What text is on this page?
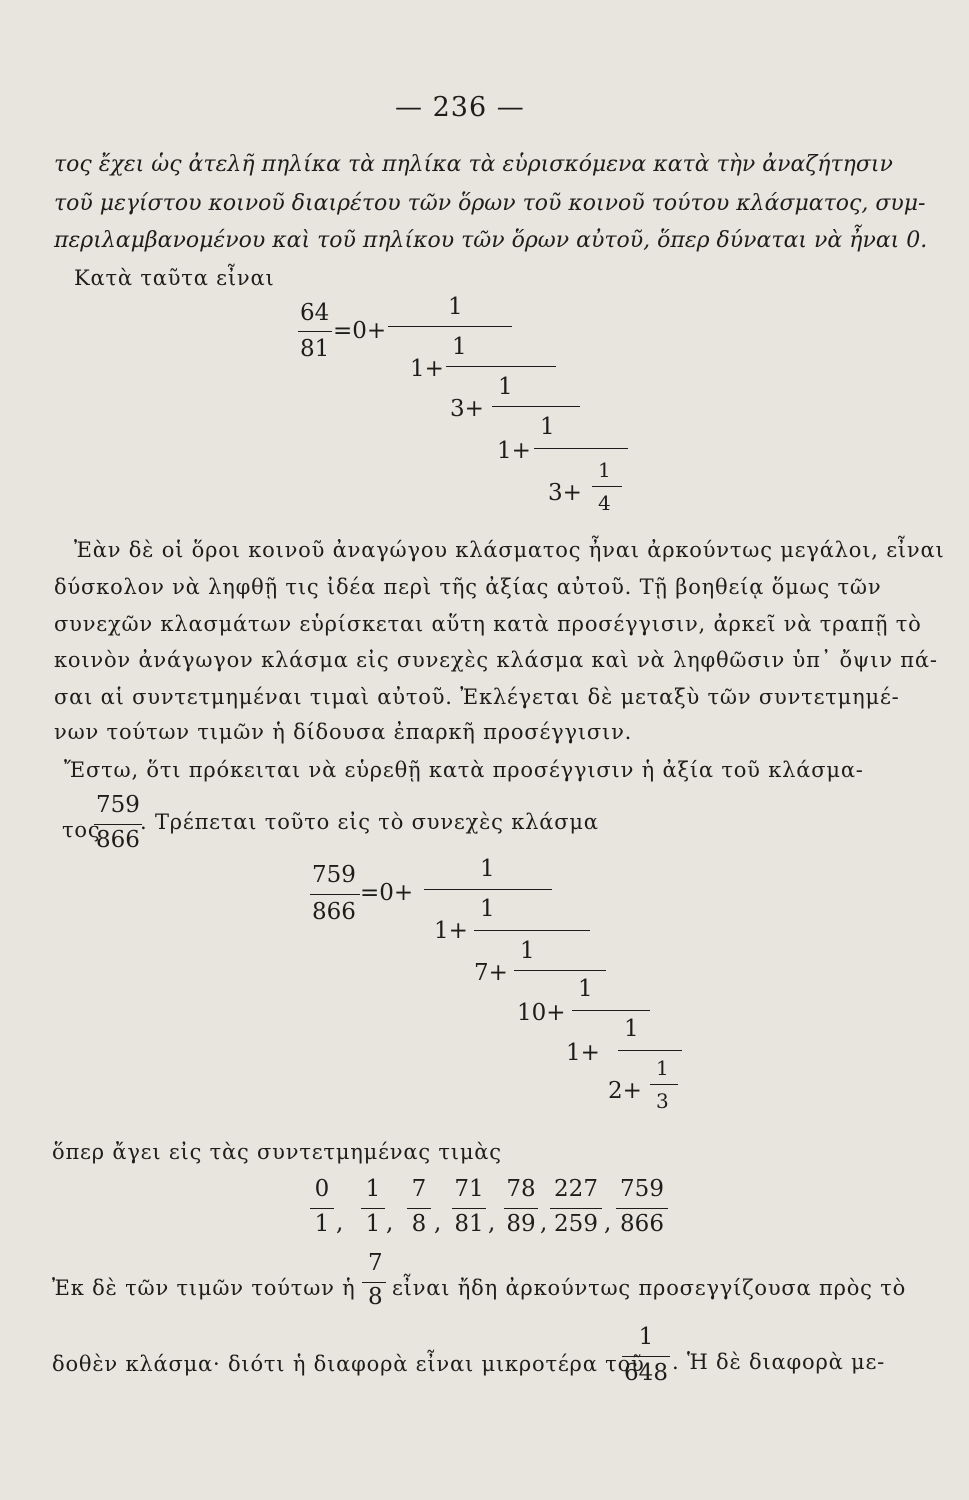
— 236 —
τος ἔχει ὡς ἀτελῆ πηλίκα τὰ πηλίκα τὰ εὑρισκόμενα κατὰ τὴν ἀναζήτησιν
τοῦ μεγίστου κοινοῦ διαιρέτου τῶν ὅρων τοῦ κοινοῦ τούτου κλάσματος, συμ-
περιλαμβανομένου καὶ τοῦ πηλίκου τῶν ὅρων αὐτοῦ, ὅπερ δύναται νὰ ἦναι 0.
Κατὰ ταῦτα εἶναι
64
81
=0+
1
1+
1
3+
1
1+
1
3+
1
4
Ἐὰν δὲ οἱ ὅροι κοινοῦ ἀναγώγου κλάσματος ἦναι ἀρκούντως μεγάλοι, εἶναι
δύσκολον νὰ ληφθῇ τις ἰδέα περὶ τῆς ἀξίας αὐτοῦ. Τῇ βοηθείᾳ ὅμως τῶν
συνεχῶν κλασμάτων εὑρίσκεται αὕτη κατὰ προσέγγισιν, ἀρκεῖ νὰ τραπῇ τὸ
κοινὸν ἀνάγωγον κλάσμα εἰς συνεχὲς κλάσμα καὶ νὰ ληφθῶσιν ὑπ᾽ ὄψιν πά-
σαι αἱ συντετμημέναι τιμαὶ αὐτοῦ. Ἐκλέγεται δὲ μεταξὺ τῶν συντετμημέ-
νων τούτων τιμῶν ἡ δίδουσα ἐπαρκῆ προσέγγισιν.
Ἔστω, ὅτι πρόκειται νὰ εὑρεθῇ κατὰ προσέγγισιν ἡ ἀξία τοῦ κλάσμα-
τος
759
866
. Τρέπεται τοῦτο εἰς τὸ συνεχὲς κλάσμα
759
866
=0+
1
1+
1
7+
1
10+
1
1+
1
2+
1
3
ὅπερ ἄγει εἰς τὰς συντετμημένας τιμὰς
0
1 ,
1
1 ,
7
8 ,
71
81 ,
78
89 ,
227
259 ,
759
866
Ἐκ δὲ τῶν τιμῶν τούτων ἡ
7
8 εἶναι ἤδη ἀρκούντως προσεγγίζουσα πρὸς τὸ
δοθὲν κλάσμα· διότι ἡ διαφορὰ εἶναι μικροτέρα τοῦ
1
648 . Ἡ δὲ διαφορὰ με-
